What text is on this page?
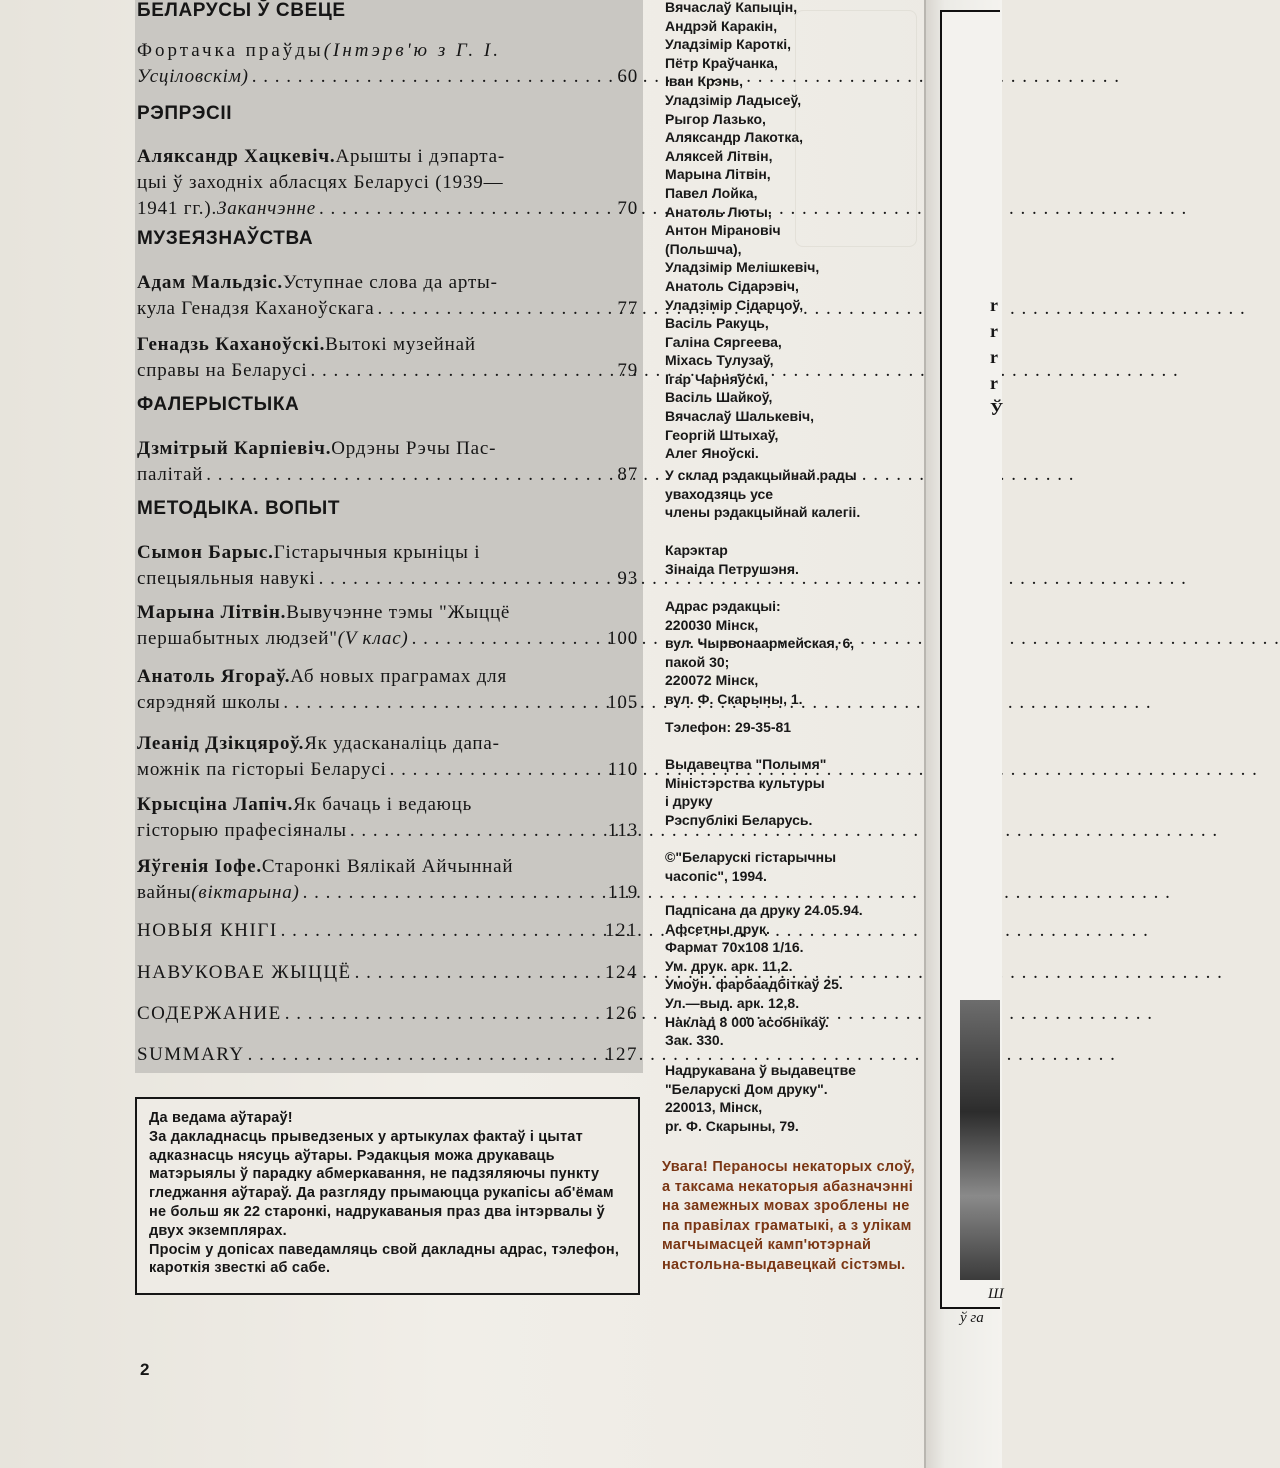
БЕЛАРУСЫ Ў СВЕЦЕ
Фортачка праўды (Інтэрв'ю з Г. І.
Усціловскім) . . .	60
РЭПРЭСІІ
Аляксандр Хацкевіч. Арышты і дэпарта-
цыі ў заходніх абласцях Беларусі (1939—
1941 гг.). Заканчэнне . . .	70
МУЗЕЯЗНАЎСТВА
Адам Мальдзіс. Уступнае слова да арты-
кула Генадзя Каханоўскага . . .	77
Генадзь Каханоўскі. Вытокі музейнай
справы на Беларусі . . .	79
ФАЛЕРЫСТЫКА
Дзмітрый Карпіевіч. Ордэны Рэчы Пас-
палітай . . .	87
МЕТОДЫКА. ВОПЫТ
Сымон Барыс. Гістарычныя крыніцы і
спецыяльныя навукі . . .	93
Марына Літвін. Вывучэнне тэмы "Жыццё
першабытных людзей" (V клас) . . .	100
Анатоль Ягораў. Аб новых праграмах для
сярэдняй школы . . .	105
Леанід Дзікцяроў. Як удасканаліць дапа-
можнік па гісторыі Беларусі . . .	110
Крысціна Лапіч. Як бачаць і ведаюць
гісторыю прафесіяналы . . .	113
Яўгенія Іофе. Старонкі Вялікай Айчыннай
вайны (віктарына) . . .	119
НОВЫЯ КНІГІ . . .	121
НАВУКОВАЕ ЖЫЦЦЁ . . .	124
СОДЕРЖАНИЕ . . .	126
SUMMARY . . .	127
Вячаслаў Капыцін,
Андрэй Каракін,
Уладзімір Кароткі,
Пётр Краўчанка,
Іван Крэнь,
Уладзімір Ладысеў,
Рыгор Лазько,
Аляксандр Лакотка,
Аляксей Літвін,
Марына Літвін,
Павел Лойка,
Анатоль Люты,
Антон Міpановіч
(Польшча),
Уладзімір Мелішкевіч,
Анатоль Сідарэвіч,
Уладзімір Сідарцоў,
Васіль Ракуць,
Галіна Сяргеева,
Міхась Тулузаў,
Ігар Чарняўскі,
Васіль Шайкоў,
Вячаслаў Шалькевіч,
Георгій Штыхаў,
Алег Яноўскі.
У склад рэдакцыйнай рады
уваходзяць усе
члены рэдакцыйнай калегіі.
Карэктар
Зінаіда Петрушэня.
Адрас рэдакцыі:
220030 Мінск,
вул. Чырвонаармейская, 6,
пакой 30;
220072 Мінск,
вул. Ф. Скарыны, 1.
Тэлефон: 29-35-81
Выдавецтва "Полымя"
Міністэрства культуры
і друку
Рэспублікі Беларусь.
©"Беларускі гістарычны
часопіс", 1994.
Падпісана да друку 24.05.94.
Афсетны друк.
Фармат 70х108 1/16.
Ум. друк. арк. 11,2.
Умоўн. фарбаадбіткаў 25.
Ул.—выд. арк. 12,8.
Наклад 8 000 асобнікаў.
Зак. 330.
Надрукавана ў выдавецтве
"Беларускі Дом друку".
220013, Мінск,
pr. Ф. Скарыны, 79.
Увага! Пераносы некаторых слоў, а таксама некаторыя абазначэнні на замежных мовах зроблены не па правілах граматыкі, а з улікам магчымасцей камп'ютэрнай настольна-выдавецкай сістэмы.

Да ведама аўтараў!

За дакладнасць прыведзеных у артыкулах фактаў і цытат адказнасць нясуць аўтары. Рэдакцыя можа друкаваць матэрыялы ў парадку абмеркавання, не падзяляючы пункту гледжання аўтараў. Да разгляду прымаюцца рукапісы аб'ёмам не больш як 22 старонкі, надрукаваныя праз два інтэрвалы ў двух экземплярах.

Просім у допісах паведамляць свой дакладны адрас, тэлефон, кароткія звесткі аб сабе.

2
r
r
r
r
Ў
Ш
ў га
